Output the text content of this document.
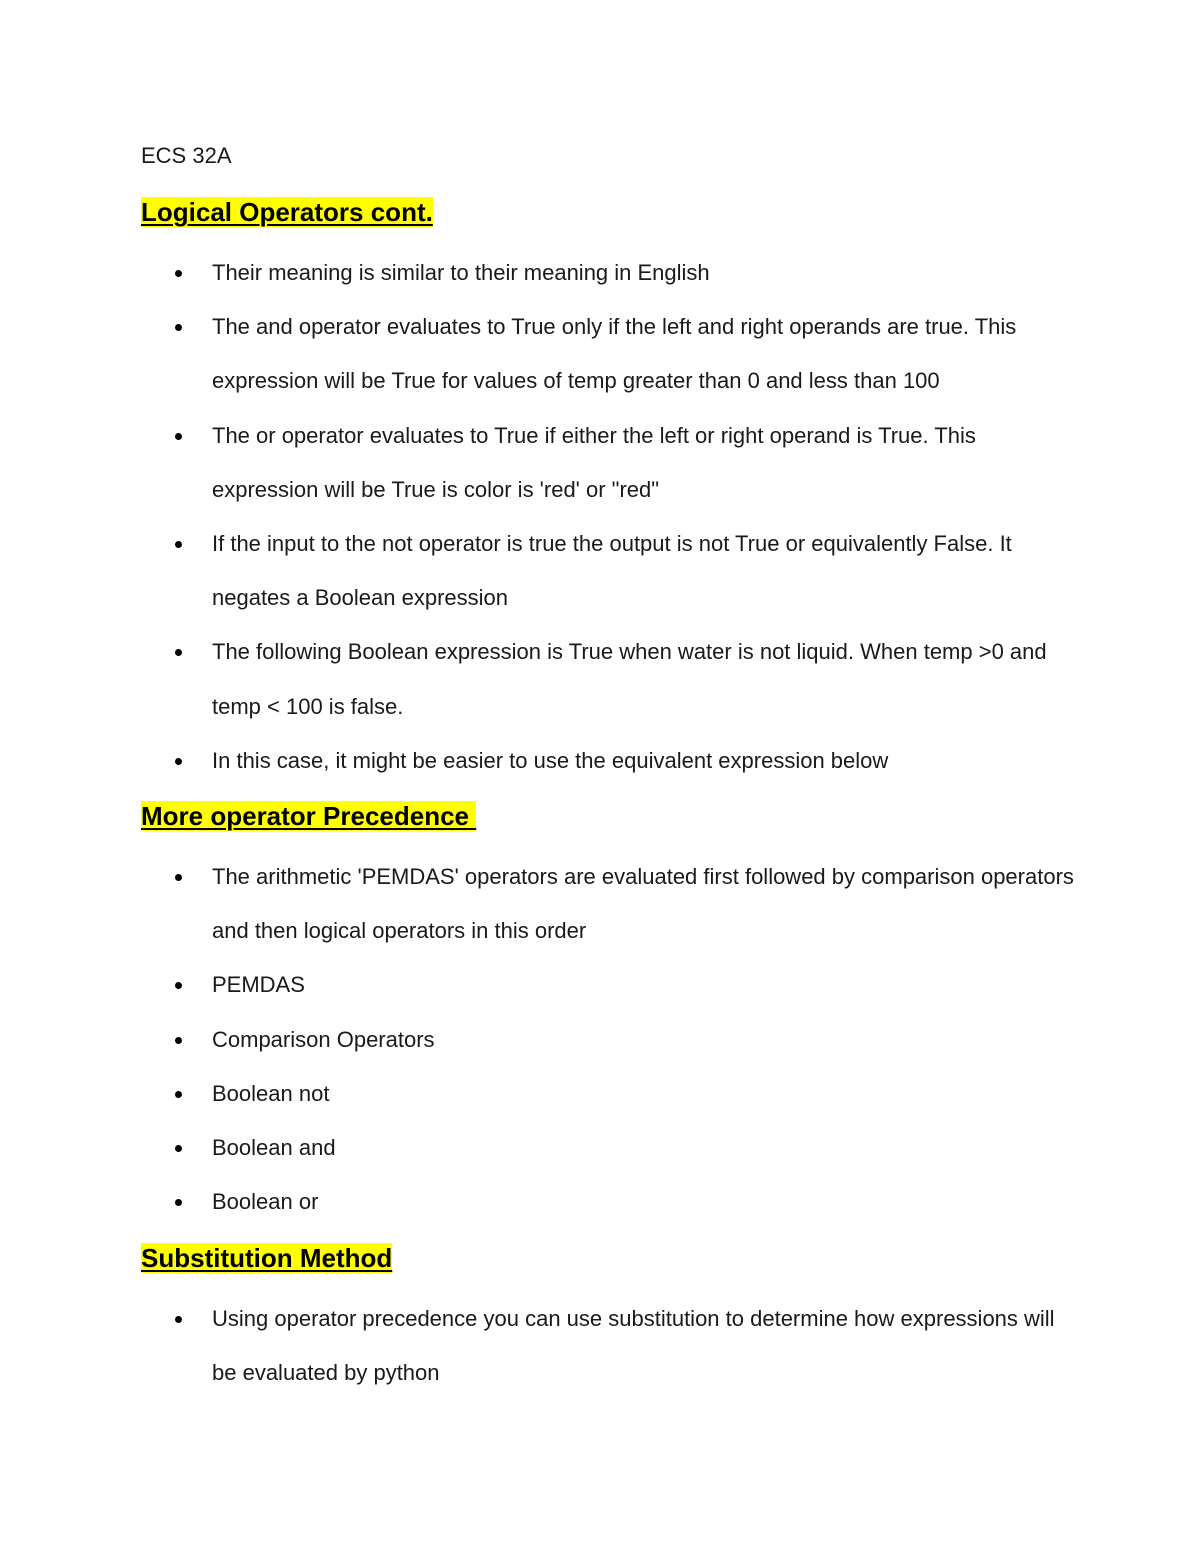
ECS 32A

Logical Operators cont.
Their meaning is similar to their meaning in English
The and operator evaluates to True only if the left and right operands are true. This expression will be True for values of temp greater than 0 and less than 100
The or operator evaluates to True if either the left or right operand is True. This expression will be True is color is 'red' or "red"
If the input to the not operator is true the output is not True or equivalently False. It negates a Boolean expression
The following Boolean expression is True when water is not liquid. When temp >0 and temp < 100 is false.
In this case, it might be easier to use the equivalent expression below
More operator Precedence
The arithmetic 'PEMDAS' operators are evaluated first followed by comparison operators and then logical operators in this order
PEMDAS
Comparison Operators
Boolean not
Boolean and
Boolean or
Substitution Method
Using operator precedence you can use substitution to determine how expressions will be evaluated by python
